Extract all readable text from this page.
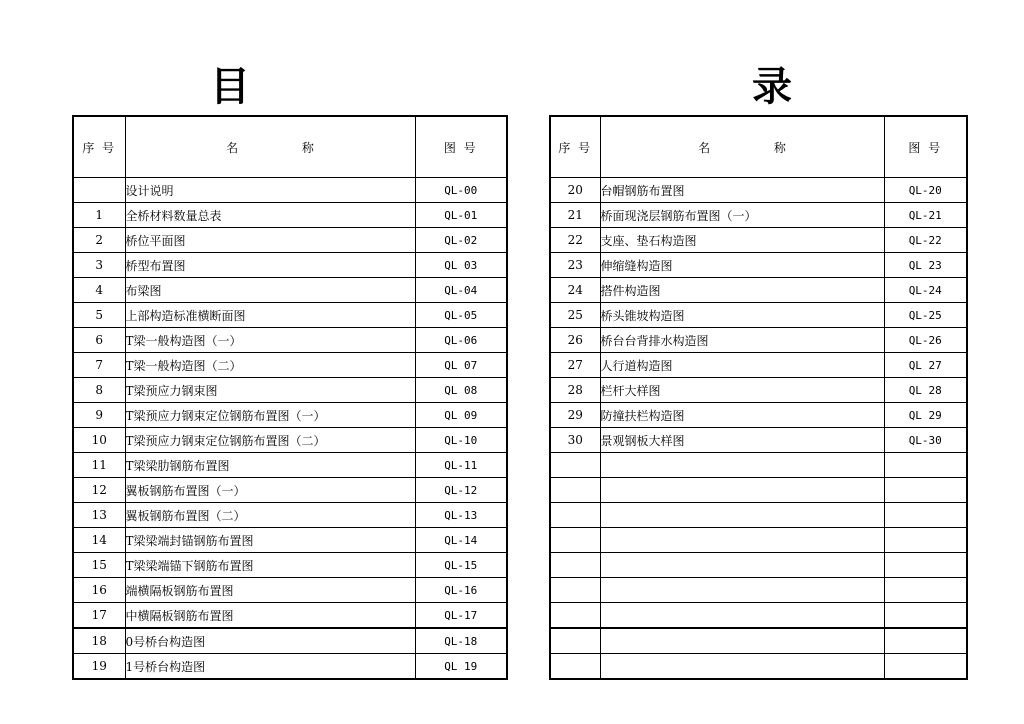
目	录
序 号	名 称	图 号
	设计说明	QL-00
1	全桥材料数量总表	QL-01
2	桥位平面图	QL-02
3	桥型布置图	QL 03
4	布梁图	QL-04
5	上部构造标准横断面图	QL-05
6	T梁一般构造图（一）	QL-06
7	T梁一般构造图（二）	QL 07
8	T梁预应力钢束图	QL 08
9	T梁预应力钢束定位钢筋布置图（一）	QL 09
10	T梁预应力钢束定位钢筋布置图（二）	QL-10
11	T梁梁肋钢筋布置图	QL-11
12	翼板钢筋布置图（一）	QL-12
13	翼板钢筋布置图（二）	QL-13
14	T梁梁端封锚钢筋布置图	QL-14
15	T梁梁端锚下钢筋布置图	QL-15
16	端横隔板钢筋布置图	QL-16
17	中横隔板钢筋布置图	QL-17
18	0号桥台构造图	QL-18
19	1号桥台构造图	QL 19
序 号	名 称	图 号
20	台帽钢筋布置图	QL-20
21	桥面现浇层钢筋布置图（一）	QL-21
22	支座、垫石构造图	QL-22
23	伸缩缝构造图	QL 23
24	搭件构造图	QL-24
25	桥头锥坡构造图	QL-25
26	桥台台背排水构造图	QL-26
27	人行道构造图	QL 27
28	栏杆大样图	QL 28
29	防撞扶栏构造图	QL 29
30	景观钢板大样图	QL-30
